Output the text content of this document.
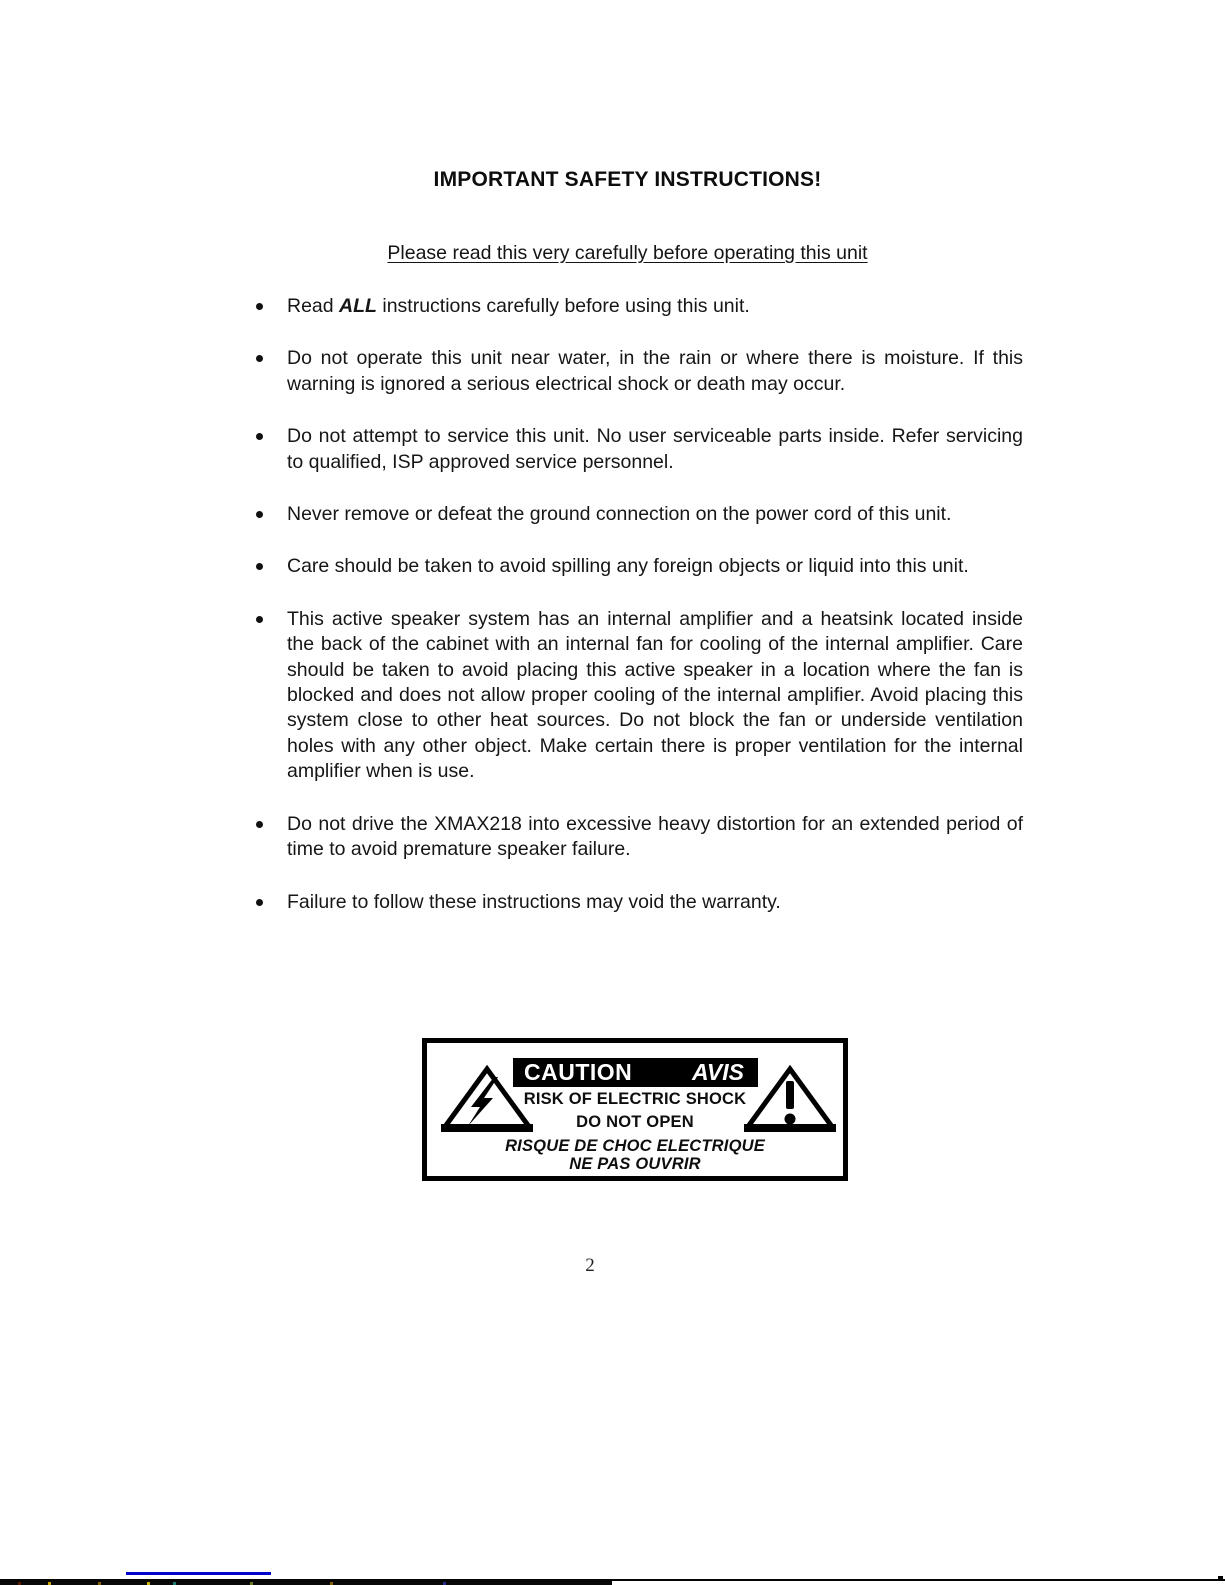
IMPORTANT SAFETY INSTRUCTIONS!
Please read this very carefully before operating this unit
Read ALL instructions carefully before using this unit.
Do not operate this unit near water, in the rain or where there is moisture. If this warning is ignored a serious electrical shock or death may occur.
Do not attempt to service this unit. No user serviceable parts inside. Refer servicing to qualified, ISP approved service personnel.
Never remove or defeat the ground connection on the power cord of this unit.
Care should be taken to avoid spilling any foreign objects or liquid into this unit.
This active speaker system has an internal amplifier and a heatsink located inside the back of the cabinet with an internal fan for cooling of the internal amplifier. Care should be taken to avoid placing this active speaker in a location where the fan is blocked and does not allow proper cooling of the internal amplifier. Avoid placing this system close to other heat sources. Do not block the fan or underside ventilation holes with any other object. Make certain there is proper ventilation for the internal amplifier when is use.
Do not drive the XMAX218 into excessive heavy distortion for an extended period of time to avoid premature speaker failure.
Failure to follow these instructions may void the warranty.
CAUTION	AVIS
RISK OF ELECTRIC SHOCK
DO NOT OPEN
RISQUE DE CHOC ELECTRIQUE
NE PAS OUVRIR
2
